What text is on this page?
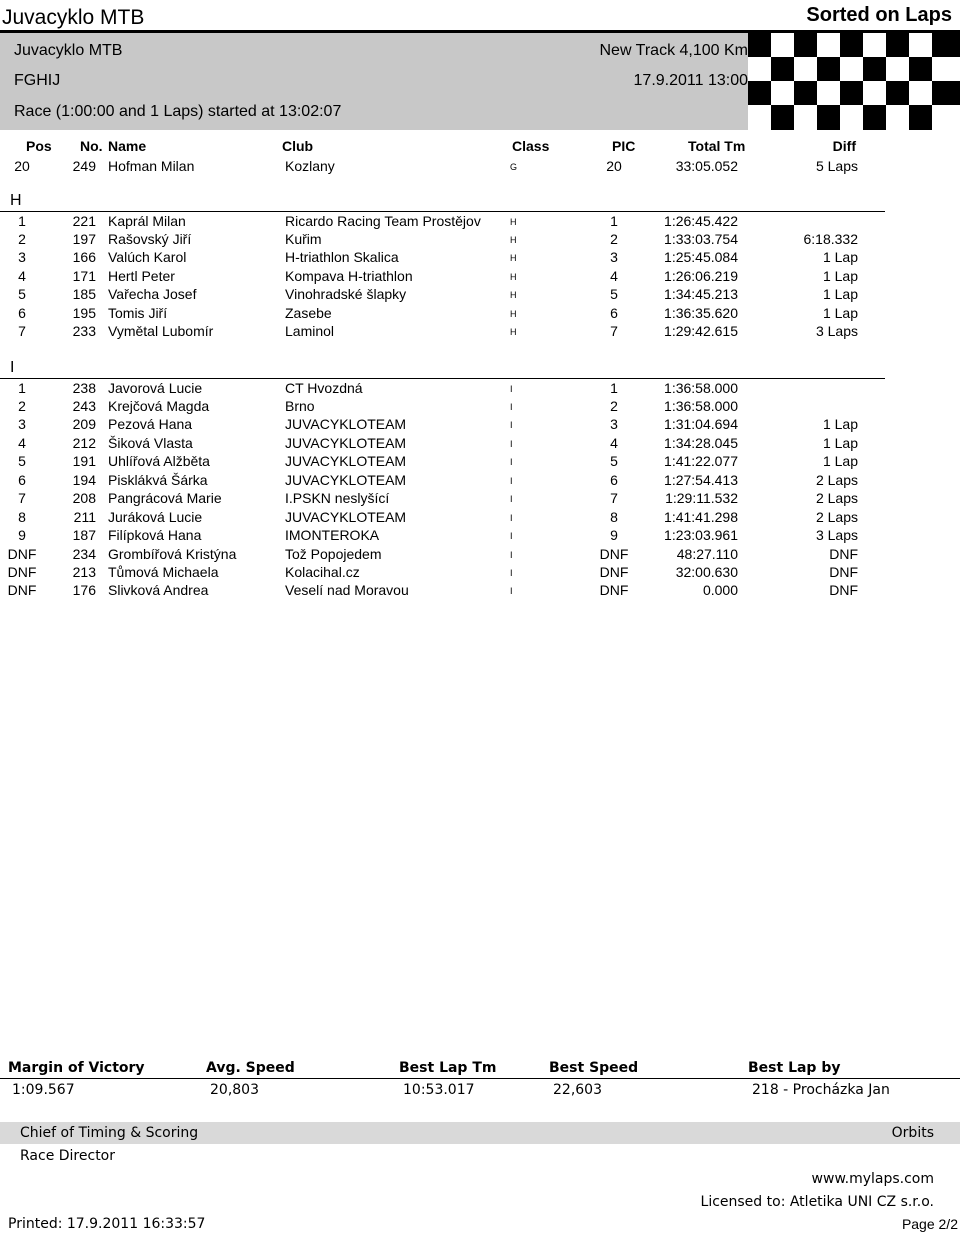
Juvacyklo MTB	Sorted on Laps
Juvacyklo MTB	New Track 4,100 Km
FGHIJ	17.9.2011 13:00
Race (1:00:00 and 1 Laps) started at 13:02:07
Pos No. Name	Club	Class	PIC	Total Tm	Diff
20	249 Hofman Milan	Kozlany	G	20	33:05.052	5 Laps
H
1	221 Kaprál Milan	Ricardo Racing Team Prostějov	H	1	1:26:45.422
2	197 Rašovský Jiří	Kuřim	H	2	1:33:03.754	6:18.332
3	166 Valúch Karol	H-triathlon Skalica	H	3	1:25:45.084	1 Lap
4	171 Hertl Peter	Kompava H-triathlon	H	4	1:26:06.219	1 Lap
5	185 Vařecha Josef	Vinohradské šlapky	H	5	1:34:45.213	1 Lap
6	195 Tomis Jiří	Zasebe	H	6	1:36:35.620	1 Lap
7	233 Vymětal Lubomír	Laminol	H	7	1:29:42.615	3 Laps
I
1	238 Javorová Lucie	CT Hvozdná	I	1	1:36:58.000
2	243 Krejčová Magda	Brno	I	2	1:36:58.000
3	209 Pezová Hana	JUVACYKLOTEAM	I	3	1:31:04.694	1 Lap
4	212 Šiková Vlasta	JUVACYKLOTEAM	I	4	1:34:28.045	1 Lap
5	191 Uhlířová Alžběta	JUVACYKLOTEAM	I	5	1:41:22.077	1 Lap
6	194 Pisklákvá Šárka	JUVACYKLOTEAM	I	6	1:27:54.413	2 Laps
7	208 Pangrácová Marie	I.PSKN neslyšící	I	7	1:29:11.532	2 Laps
8	211 Juráková Lucie	JUVACYKLOTEAM	I	8	1:41:41.298	2 Laps
9	187 Filípková Hana	IMONTEROKA	I	9	1:23:03.961	3 Laps
DNF	234 Grombířová Kristýna	Tož Popojedem	I	DNF	48:27.110	DNF
DNF	213 Tůmová Michaela	Kolacihal.cz	I	DNF	32:00.630	DNF
DNF	176 Slivková Andrea	Veselí nad Moravou	I	DNF	0.000	DNF
Margin of Victory	Avg. Speed	Best Lap Tm	Best Speed	Best Lap by
1:09.567	20,803	10:53.017	22,603	218 - Procházka Jan
Chief of Timing & Scoring	Orbits
Race Director
www.mylaps.com
Licensed to: Atletika UNI CZ s.r.o.
Printed: 17.9.2011 16:33:57	Page 2/2
